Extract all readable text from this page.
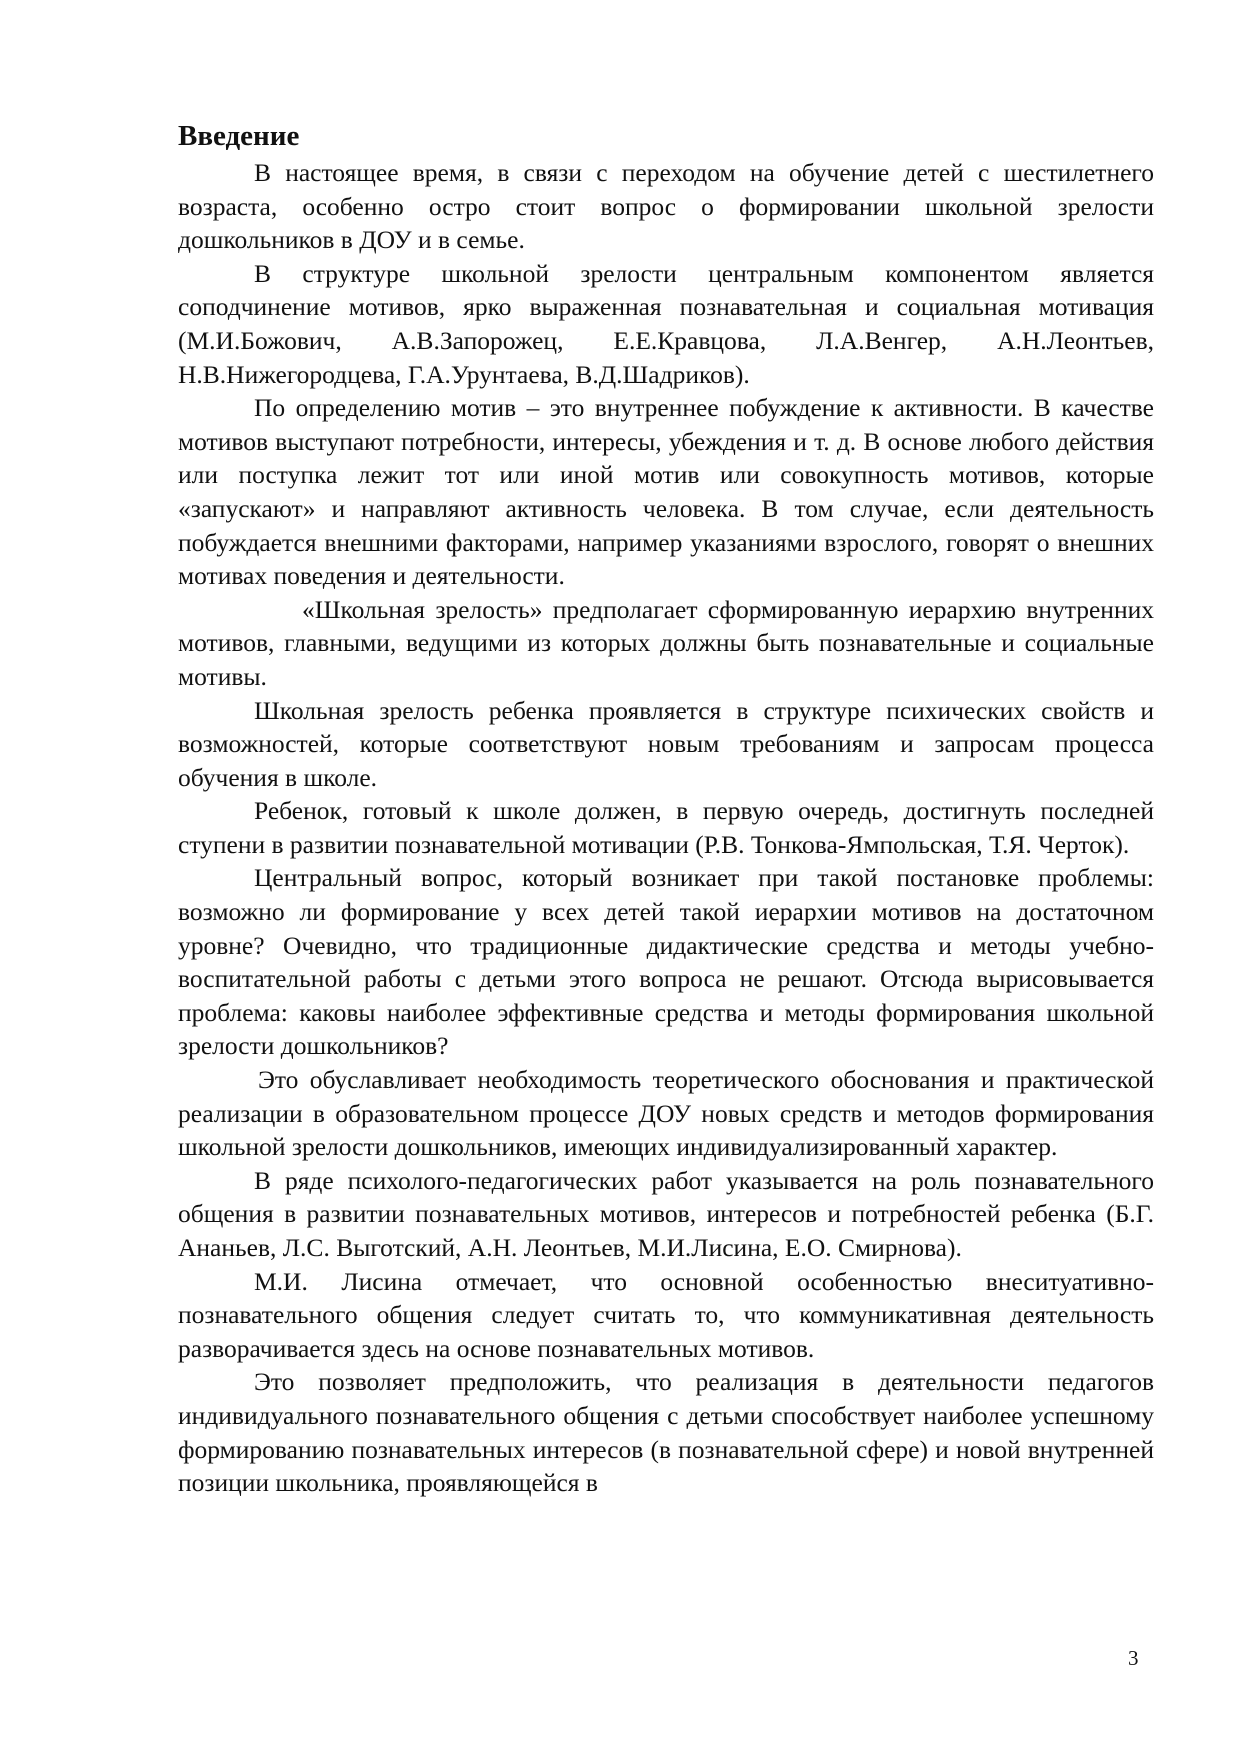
Введение

В настоящее время, в связи с переходом на обучение детей с шестилетнего возраста, особенно остро стоит вопрос о формировании школьной зрелости дошкольников в ДОУ и в семье.

В структуре школьной зрелости центральным компонентом является соподчинение мотивов, ярко выраженная познавательная и социальная мотивация (М.И.Божович, А.В.Запорожец, Е.Е.Кравцова, Л.А.Венгер, А.Н.Леонтьев, Н.В.Нижегородцева, Г.А.Урунтаева, В.Д.Шадриков).

По определению мотив – это внутреннее побуждение к активности. В качестве мотивов выступают потребности, интересы, убеждения и т. д. В основе любого действия или поступка лежит тот или иной мотив или совокупность мотивов, которые «запускают» и направляют активность человека. В том случае, если деятельность побуждается внешними факторами, например указаниями взрослого, говорят о внешних мотивах поведения и деятельности.

«Школьная зрелость» предполагает сформированную иерархию внутренних мотивов, главными, ведущими из которых должны быть познавательные и социальные мотивы.

Школьная зрелость ребенка проявляется в структуре психических свойств и возможностей, которые соответствуют новым требованиям и запросам процесса обучения в школе.

Ребенок, готовый к школе должен, в первую очередь, достигнуть последней ступени в развитии познавательной мотивации (Р.В. Тонкова-Ямпольская, Т.Я. Черток).

Центральный вопрос, который возникает при такой постановке проблемы: возможно ли формирование у всех детей такой иерархии мотивов на достаточном уровне? Очевидно, что традиционные дидактические средства и методы учебно-воспитательной работы с детьми этого вопроса не решают. Отсюда вырисовывается проблема: каковы наиболее эффективные средства и методы формирования школьной зрелости дошкольников?

Это обуславливает необходимость теоретического обоснования и практической реализации в образовательном процессе ДОУ новых средств и методов формирования школьной зрелости дошкольников, имеющих индивидуализированный характер.

В ряде психолого-педагогических работ указывается на роль познавательного общения в развитии познавательных мотивов, интересов и потребностей ребенка (Б.Г. Ананьев, Л.С. Выготский, А.Н. Леонтьев, М.И.Лисина, Е.О. Смирнова).

М.И. Лисина отмечает, что основной особенностью внеситуативно-познавательного общения следует считать то, что коммуникативная деятельность разворачивается здесь на основе познавательных мотивов.

Это позволяет предположить, что реализация в деятельности педагогов индивидуального познавательного общения с детьми способствует наиболее успешному формированию познавательных интересов (в познавательной сфере) и новой внутренней позиции школьника, проявляющейся в

3
